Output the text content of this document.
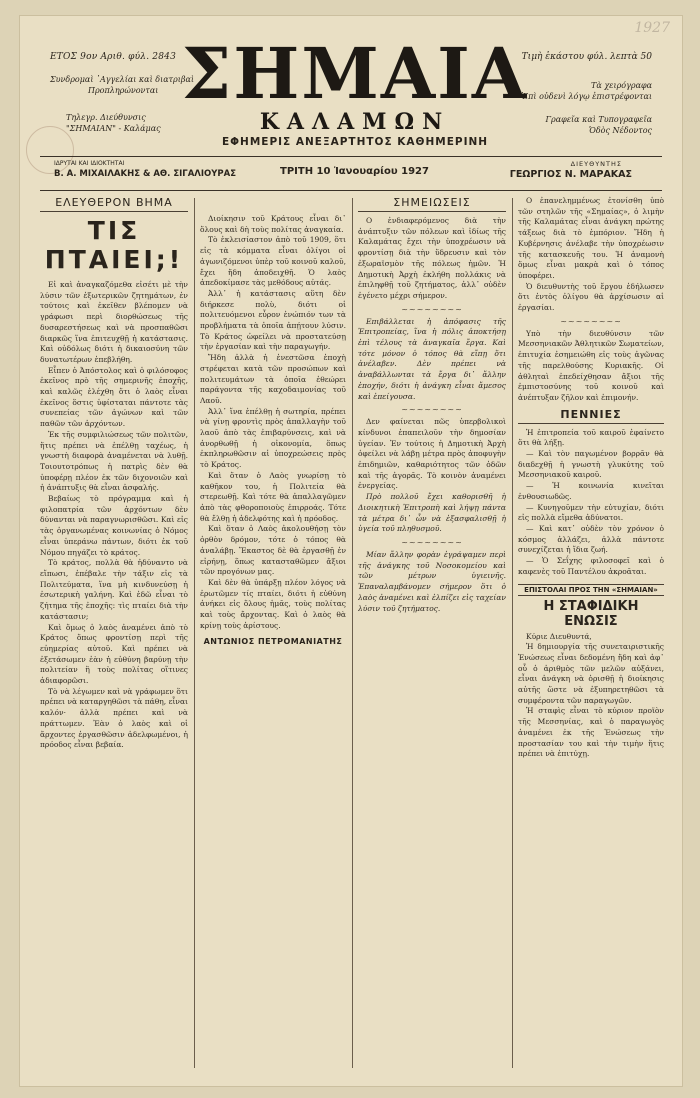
1927
ΕΤΟΣ 9ον Αριθ. φύλ. 2843	Τιμὴ ἑκάστου φύλ. λεπτὰ 50
Συνδρομαὶ ᾿Αγγελίαι καὶ διατριβαὶ
Προπληρώνονται
Τηλεγρ. Διεύθυνσις
"ΣΗΜΑΙΑΝ" - Καλάμας
Τὰ χειρόγραφα
Ἐπὶ οὐδενὶ λόγῳ ἐπιστρέφονται
Γραφεῖα καὶ Τυπογραφεῖα
Ὁδὸς Νέδοντος
ΣΗΜΑΙΑ
ΚΑΛΑΜΩΝ
ΕΦΗΜΕΡΙΣ ΑΝΕΞΑΡΤΗΤΟΣ ΚΑΘΗΜΕΡΙΝΗ
ΙΔΡΥΤΑΙ ΚΑΙ ΙΔΙΟΚΤΗΤΑΙ
Β. Α. ΜΙΧΑΙΛΑΚΗΣ & ΑΘ. ΣΙΓΑΛΙΟΥΡΑΣ	ΤΡΙΤΗ 10 Ἰανουαρίου 1927
ΔΙΕΥΘΥΝΤΗΣ
ΓΕΩΡΓΙΟΣ Ν. ΜΑΡΑΚΑΣ
ΕΛΕΥΘΕΡΟΝ ΒΗΜΑ
ΤΙΣ ΠΤΑΙΕΙ;!

Εἰ καὶ ἀναγκαζόμεθα εἰσέτι μὲ τὴν λύσιν τῶν ἐξωτερικῶν ζητημάτων, ἐν τούτοις καὶ ἐκεῖθεν βλέπομεν νὰ γράφωσι περὶ διορθώσεως τῆς δυσαρεστήσεως καὶ νὰ προσπαθῶσι διαρκῶς ἵνα ἐπιτευχθῇ ἡ κατάστασις. Καὶ οὐδόλως διότι ἡ δικαιοσύνη τῶν δυνατωτέρων ἐπεβλήθη.

Εἶπεν ὁ Ἀπόστολος καὶ ὁ φιλόσοφος ἐκεῖνος πρὸ τῆς σημερινῆς ἐποχῆς, καὶ καλῶς ἐλέχθη ὅτι ὁ λαὸς εἶναι ἐκεῖνος ὅστις ὑφίσταται πάντοτε τὰς συνεπείας τῶν ἀγώνων καὶ τῶν παθῶν τῶν ἀρχόντων.

Ἐκ τῆς συμφιλιώσεως τῶν πολιτῶν, ἥτις πρέπει νὰ ἐπέλθῃ ταχέως, ἡ γνωστὴ διαφορὰ ἀναμένεται νὰ λυθῇ. Τοιουτοτρόπως ἡ πατρὶς δὲν θὰ ὑποφέρῃ πλέον ἐκ τῶν διχονοιῶν καὶ ἡ ἀνάπτυξις θὰ εἶναι ἀσφαλής.

Βεβαίως τὸ πρόγραμμα καὶ ἡ φιλοπατρία τῶν ἀρχόντων δὲν δύνανται νὰ παραγνωρισθῶσι. Καὶ εἰς τὰς ὀργανωμένας κοινωνίας ὁ Νόμος εἶναι ὑπεράνω πάντων, διότι ἐκ τοῦ Νόμου πηγάζει τὸ κράτος.

Τὸ κράτος, πολλὰ θὰ ἠδύναντο νὰ εἴπωσι, ἐπέβαλε τὴν τάξιν εἰς τὰ Πολιτεύματα, ἵνα μὴ κινδυνεύσῃ ἡ ἐσωτερικὴ γαλήνη. Καὶ ἐδῶ εἶναι τὸ ζήτημα τῆς ἐποχῆς: τὶς πταίει διὰ τὴν κατάστασιν;

Καὶ ὅμως ὁ λαὸς ἀναμένει ἀπὸ τὸ Κράτος ὅπως φροντίσῃ περὶ τῆς εὐημερίας αὐτοῦ. Καὶ πρέπει νὰ ἐξετάσωμεν ἐὰν ἡ εὐθύνη βαρύνῃ τὴν πολιτείαν ἢ τοὺς πολίτας οἵτινες ἀδιαφορῶσι.

Τὸ νὰ λέγωμεν καὶ νὰ γράφωμεν ὅτι πρέπει νὰ καταργηθῶσι τὰ πάθη, εἶναι καλόν· ἀλλὰ πρέπει καὶ νὰ πράττωμεν. Ἐὰν ὁ λαὸς καὶ οἱ ἄρχοντες ἐργασθῶσιν ἀδελφωμένοι, ἡ πρόοδος εἶναι βεβαία.

Διοίκησιν τοῦ Κράτους εἶναι δι᾿ ὅλους καὶ δὴ τοὺς πολίτας ἀναγκαία.

Τὸ ἐκλεισίαστον ἀπὸ τοῦ 1909, ὅτι εἰς τὰ κόμματα εἶναι ὀλίγοι οἱ ἀγωνιζόμενοι ὑπὲρ τοῦ κοινοῦ καλοῦ, ἔχει ἤδη ἀποδειχθῆ. Ὁ λαὸς ἀπεδοκίμασε τὰς μεθόδους αὐτάς.

Ἀλλ᾿ ἡ κατάστασις αὕτη δὲν διήρκεσε πολὺ, διότι οἱ πολιτευόμενοι εὗρον ἐνώπιόν των τὰ προβλήματα τὰ ὁποῖα ἀπῄτουν λύσιν. Τὸ Κράτος ὠφείλει νὰ προστατεύσῃ τὴν ἐργασίαν καὶ τὴν παραγωγήν.

Ἤδη ἀλλὰ ἡ ἐνεστῶσα ἐποχὴ στρέφεται κατὰ τῶν προσώπων καὶ πολιτευμάτων τὰ ὁποῖα ἐθεώρει παράγοντα τῆς καχοδαιμονίας τοῦ Λαοῦ.

Ἀλλ᾿ ἵνα ἐπέλθῃ ἡ σωτηρία, πρέπει νὰ γίνῃ φροντὶς πρὸς ἀπαλλαγὴν τοῦ λαοῦ ἀπὸ τὰς ἐπιβαρύνσεις, καὶ νὰ ἀνορθωθῇ ἡ οἰκονομία, ὅπως ἐκπληρωθῶσιν αἱ ὑποχρεώσεις πρὸς τὸ Κράτος.

Καὶ ὅταν ὁ Λαὸς γνωρίσῃ τὸ καθῆκον του, ἡ Πολιτεία θὰ στερεωθῇ. Καὶ τότε θὰ ἀπαλλαγῶμεν ἀπὸ τὰς φθοροποιοὺς ἐπιρροάς. Τότε θὰ ἔλθῃ ἡ ἀδελφότης καὶ ἡ πρόοδος.

Καὶ ὅταν ὁ Λαὸς ἀκολουθήσῃ τὸν ὀρθὸν δρόμον, τότε ὁ τόπος θὰ ἀναλάβῃ. Ἕκαστος δὲ θὰ ἐργασθῇ ἐν εἰρήνῃ, ὅπως κατασταθῶμεν ἄξιοι τῶν προγόνων μας.

Καὶ δὲν θὰ ὑπάρξῃ πλέον λόγος νὰ ἐρωτῶμεν τίς πταίει, διότι ἡ εὐθύνη ἀνήκει εἰς ὅλους ἡμᾶς, τοὺς πολίτας καὶ τοὺς ἄρχοντας. Καὶ ὁ λαὸς θὰ κρίνῃ τοὺς ἀρίστους.

ΑΝΤΩΝΙΟΣ ΠΕΤΡΟΜΑΝΙΑΤΗΣ
ΣΗΜΕΙΩΣΕΙΣ

Ο ἐνδιαφερόμενος διὰ τὴν ἀνάπτυξιν τῶν πόλεων καὶ ἰδίως τῆς Καλαμάτας ἔχει τὴν ὑποχρέωσιν νὰ φροντίσῃ διὰ τὴν ὕδρευσιν καὶ τὸν ἐξωραϊσμὸν τῆς πόλεως ἡμῶν. Ἡ Δημοτικὴ Ἀρχὴ ἐκλήθη πολλάκις νὰ ἐπιληφθῇ τοῦ ζητήματος, ἀλλ᾿ οὐδὲν ἐγένετο μέχρι σήμερον.

~~~~~~~~

Επιβάλλεται ἡ ἀπόφασις τῆς Ἐπιτροπείας, ἵνα ἡ πόλις ἀποκτήσῃ ἐπὶ τέλους τὰ ἀναγκαῖα ἔργα. Καὶ τότε μόνον ὁ τόπος θὰ εἴπῃ ὅτι ἀνέλαβεν. Δὲν πρέπει νὰ ἀναβάλλωνται τὰ ἔργα δι᾿ ἄλλην ἐποχήν, διότι ἡ ἀνάγκη εἶναι ἄμεσος καὶ ἐπείγουσα.

~~~~~~~~

Δεν φαίνεται πῶς ὑπερβολικοὶ κίνδυνοι ἐπαπειλοῦν τὴν δημοσίαν ὑγείαν. Ἐν τούτοις ἡ Δημοτικὴ Ἀρχὴ ὀφείλει νὰ λάβῃ μέτρα πρὸς ἀποφυγὴν ἐπιδημιῶν, καθαριότητος τῶν ὁδῶν καὶ τῆς ἀγορᾶς. Τὸ κοινὸν ἀναμένει ἐνεργείας.

Πρὸ πολλοῦ ἔχει καθορισθῆ ἡ Διοικητικὴ Ἐπιτροπὴ καὶ λήψῃ πάντα τὰ μέτρα δι᾿ ὧν νὰ ἐξασφαλισθῇ ἡ ὑγεία τοῦ πληθυσμοῦ.

~~~~~~~~

Μίαν ἄλλην φορὰν ἐγράψαμεν περὶ τῆς ἀνάγκης τοῦ Νοσοκομείου καὶ τῶν μέτρων ὑγιεινῆς. Ἐπαναλαμβάνομεν σήμερον ὅτι ὁ λαὸς ἀναμένει καὶ ἐλπίζει εἰς ταχείαν λύσιν τοῦ ζητήματος.

Ο ἐπανελημμένως ἐτονίσθη ὑπὸ τῶν στηλῶν τῆς «Σημαίας», ὁ λιμὴν τῆς Καλαμάτας εἶναι ἀνάγκη πρώτης τάξεως διὰ τὸ ἐμπόριον. Ἤδη ἡ Κυβέρνησις ἀνέλαβε τὴν ὑποχρέωσιν τῆς κατασκευῆς του. Ἡ ἀναμονὴ ὅμως εἶναι μακρὰ καὶ ὁ τόπος ὑποφέρει.

Ὁ διευθυντὴς τοῦ ἔργου ἐδήλωσεν ὅτι ἐντὸς ὀλίγου θὰ ἀρχίσωσιν αἱ ἐργασίαι.

~~~~~~~~

Υπὸ τὴν διευθύνσιν τῶν Μεσσηνιακῶν Ἀθλητικῶν Σωματείων, ἐπιτυχία ἐσημειώθη εἰς τοὺς ἀγῶνας τῆς παρελθούσης Κυριακῆς. Οἱ ἀθληταὶ ἐπεδείχθησαν ἄξιοι τῆς ἐμπιστοσύνης τοῦ κοινοῦ καὶ ἀνέπτυξαν ζῆλον καὶ ἐπιμονήν.

ΠΕΝΝΙΕΣ

Ἡ ἐπιτροπεία τοῦ καιροῦ ἐφαίνετο ὅτι θὰ λήξῃ.

— Καὶ τὸν παγωμένον βορρᾶν θὰ διαδεχθῇ ἡ γνωστὴ γλυκύτης τοῦ Μεσσηνιακοῦ καιροῦ.

— Ἡ κοινωνία κινεῖται ἐνθουσιωδῶς.

— Κυνηγοῦμεν τὴν εὐτυχίαν, διότι εἰς πολλὰ εἴμεθα ἀδύνατοι.

— Καὶ κατ᾿ οὐδὲν τὸν χρόνον ὁ κόσμος ἀλλάζει, ἀλλὰ πάντοτε συνεχίζεται ἡ ἴδια ζωή.

— Ὁ Σεΐχης φιλοσοφεῖ καὶ ὁ καφενὲς τοῦ Παντέλου ἀκροᾶται.

ΕΠΙΣΤΟΛΑΙ ΠΡΟΣ ΤΗΝ «ΣΗΜΑΙΑΝ»
Η ΣΤΑΦΙΔΙΚΗ ΕΝΩΣΙΣ

Κύριε Διευθυντά,

Ἡ δημιουργία τῆς συνεταιριστικῆς Ἑνώσεως εἶναι δεδομένη ἤδη καὶ ἀφ᾿ οὗ ὁ ἀριθμὸς τῶν μελῶν αὐξάνει, εἶναι ἀνάγκη νὰ ὁρισθῇ ἡ διοίκησις αὐτῆς ὥστε νὰ ἐξυπηρετηθῶσι τὰ συμφέροντα τῶν παραγωγῶν.

Ἡ σταφὶς εἶναι τὸ κύριον προϊὸν τῆς Μεσσηνίας, καὶ ὁ παραγωγὸς ἀναμένει ἐκ τῆς Ἑνώσεως τὴν προστασίαν του καὶ τὴν τιμὴν ἥτις πρέπει νὰ ἐπιτύχῃ.
